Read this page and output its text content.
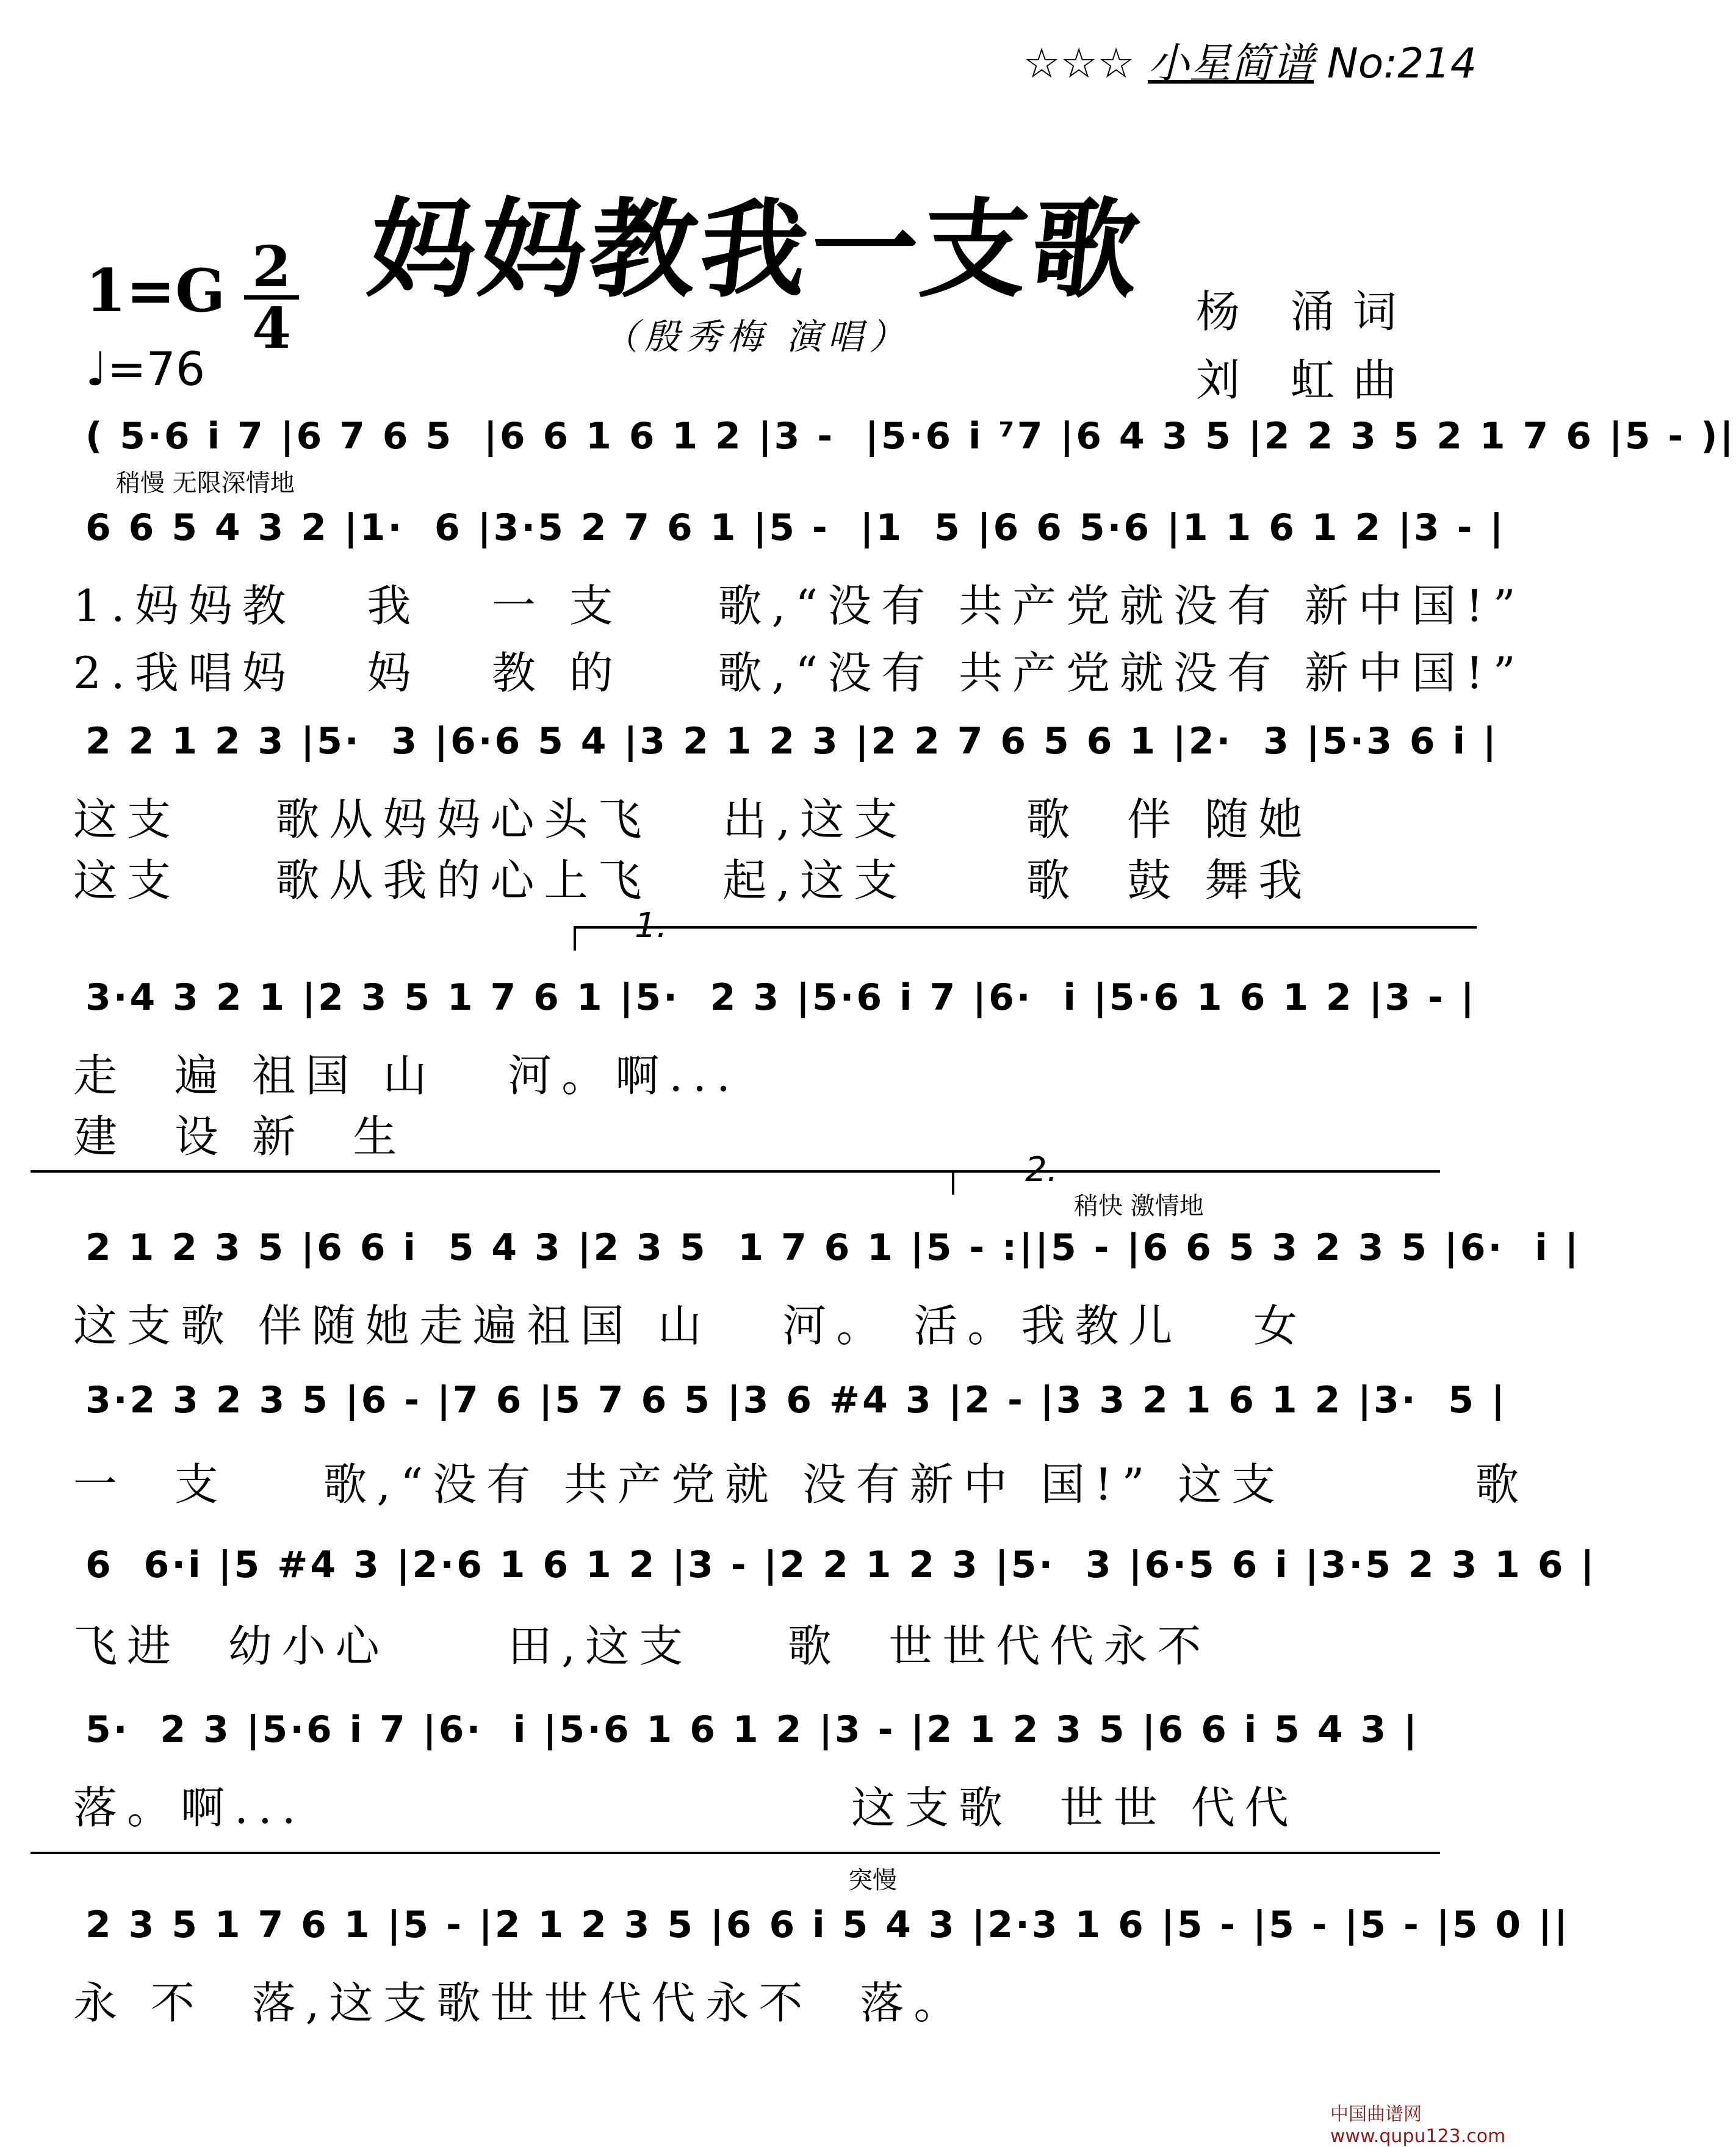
☆☆☆ 小星简谱 No:214
妈妈教我一支歌
（殷秀梅 演唱）
1=G 2
4
♩=76
杨 涌词
刘 虹曲
( 5·6 i 7 |6 7 6 5  |6 6 1 6 1 2 |3 -  |5·6 i ⁷7 |6 4 3 5 |2 2 3 5 2 1 7 6 |5 - )|
稍慢 无限深情地
6 6 5 4 3 2 |1·  6 |3·5 2 7 6 1 |5 -  |1  5 |6 6 5·6 |1 1 6 1 2 |3 - |
1.妈妈教   我   一 支    歌,“没有 共产党就没有 新中国!”
2.我唱妈   妈   教 的    歌,“没有 共产党就没有 新中国!”
2 2 1 2 3 |5·  3 |6·6 5 4 |3 2 1 2 3 |2 2 7 6 5 6 1 |2·  3 |5·3 6 i |
这支    歌从妈妈心头飞   出,这支     歌  伴 随她
这支    歌从我的心上飞   起,这支     歌  鼓 舞我
1.
3·4 3 2 1 |2 3 5 1 7 6 1 |5·  2 3 |5·6 i 7 |6·  i |5·6 1 6 1 2 |3 - |
走  遍 祖国 山   河。啊...
建  设 新  生
2.
稍快 激情地
2 1 2 3 5 |6 6 i  5 4 3 |2 3 5  1 7 6 1 |5 - :||5 - |6 6 5 3 2 3 5 |6·  i |
这支歌 伴随她走遍祖国 山   河。 活。我教儿   女
3·2 3 2 3 5 |6 - |7 6 |5 7 6 5 |3 6 #4 3 |2 - |3 3 2 1 6 1 2 |3·  5 |
一  支    歌,“没有 共产党就 没有新中 国!” 这支        歌
6  6·i |5 #4 3 |2·6 1 6 1 2 |3 - |2 2 1 2 3 |5·  3 |6·5 6 i |3·5 2 3 1 6 |
飞进  幼小心     田,这支    歌  世世代代永不
5·  2 3 |5·6 i 7 |6·  i |5·6 1 6 1 2 |3 - |2 1 2 3 5 |6 6 i 5 4 3 |
落。啊...                       这支歌  世世 代代
突慢
2 3 5 1 7 6 1 |5 - |2 1 2 3 5 |6 6 i 5 4 3 |2·3 1 6 |5 - |5 - |5 - |5 0 ||
永 不  落,这支歌世世代代永不  落。
中国曲谱网 www.qupu123.com
